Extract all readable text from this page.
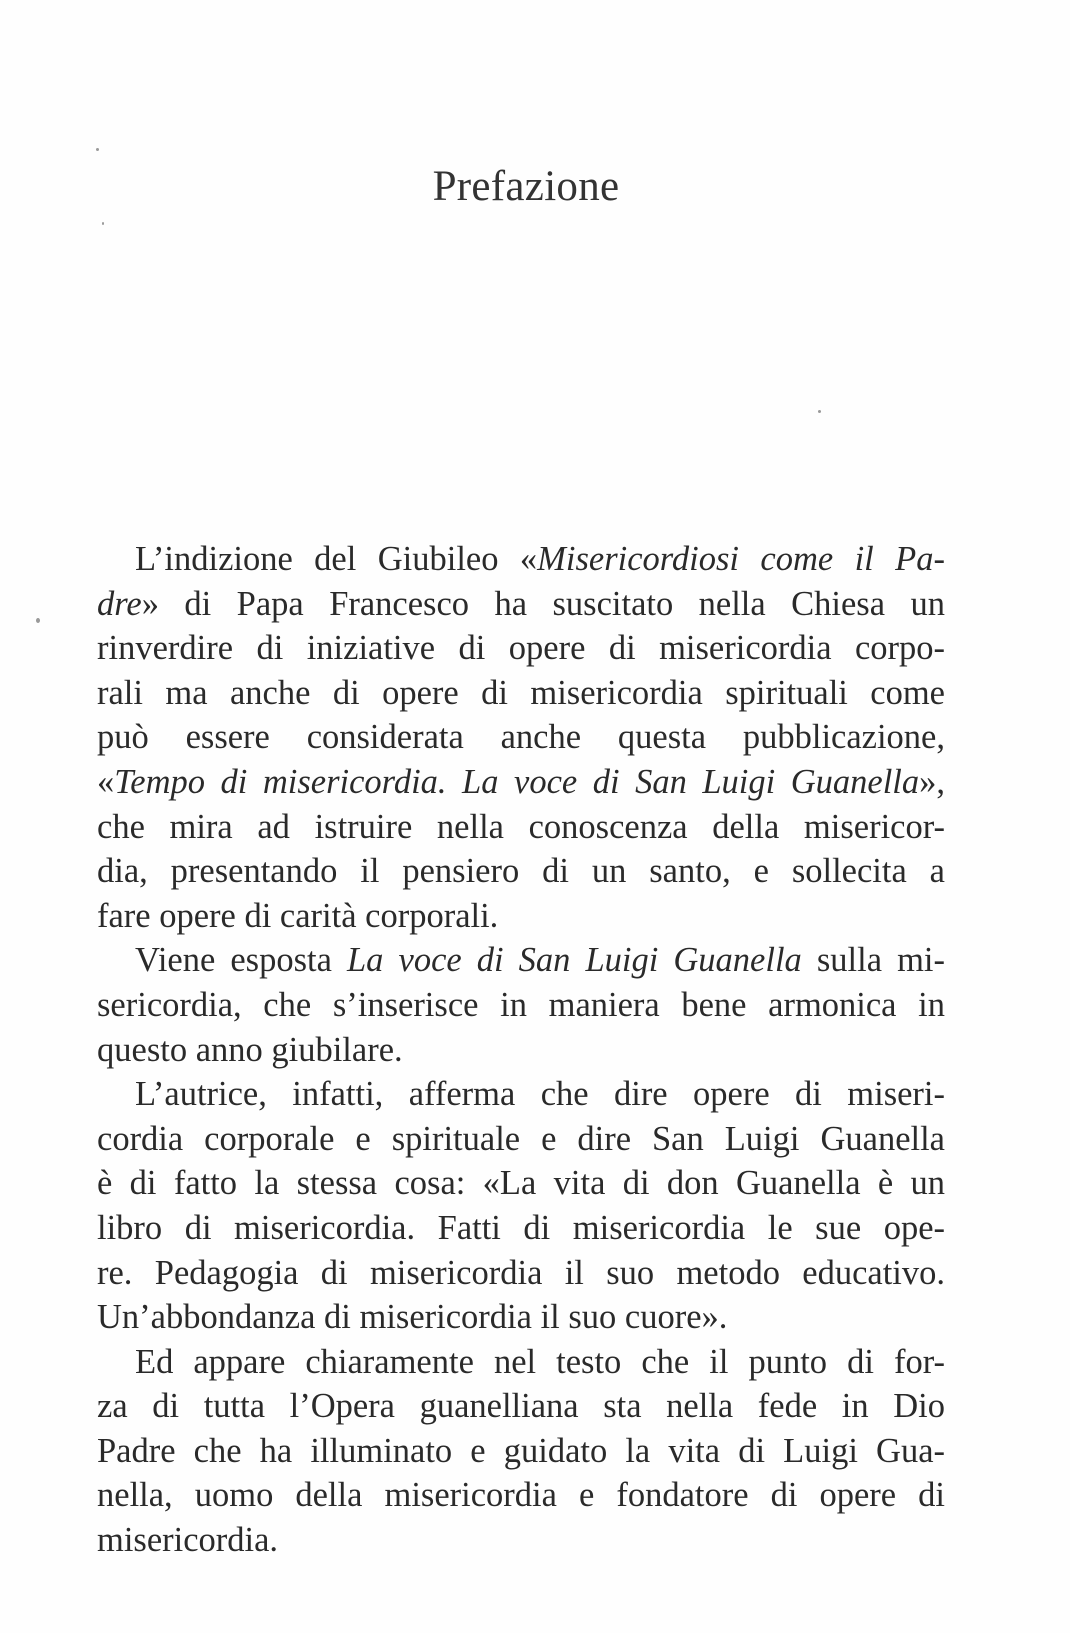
Prefazione
L’indizione del Giubileo «Misericordiosi come il Pa-
dre» di Papa Francesco ha suscitato nella Chiesa un
rinverdire di iniziative di opere di misericordia corpo-
rali ma anche di opere di misericordia spirituali come
può essere considerata anche questa pubblicazione,
«Tempo di misericordia. La voce di San Luigi Guanella»,
che mira ad istruire nella conoscenza della misericor-
dia, presentando il pensiero di un santo, e sollecita a
fare opere di carità corporali.
Viene esposta La voce di San Luigi Guanella sulla mi-
sericordia, che s’inserisce in maniera bene armonica in
questo anno giubilare.
L’autrice, infatti, afferma che dire opere di miseri-
cordia corporale e spirituale e dire San Luigi Guanella
è di fatto la stessa cosa: «La vita di don Guanella è un
libro di misericordia. Fatti di misericordia le sue ope-
re. Pedagogia di misericordia il suo metodo educativo.
Un’abbondanza di misericordia il suo cuore».
Ed appare chiaramente nel testo che il punto di for-
za di tutta l’Opera guanelliana sta nella fede in Dio
Padre che ha illuminato e guidato la vita di Luigi Gua-
nella, uomo della misericordia e fondatore di opere di
misericordia.
